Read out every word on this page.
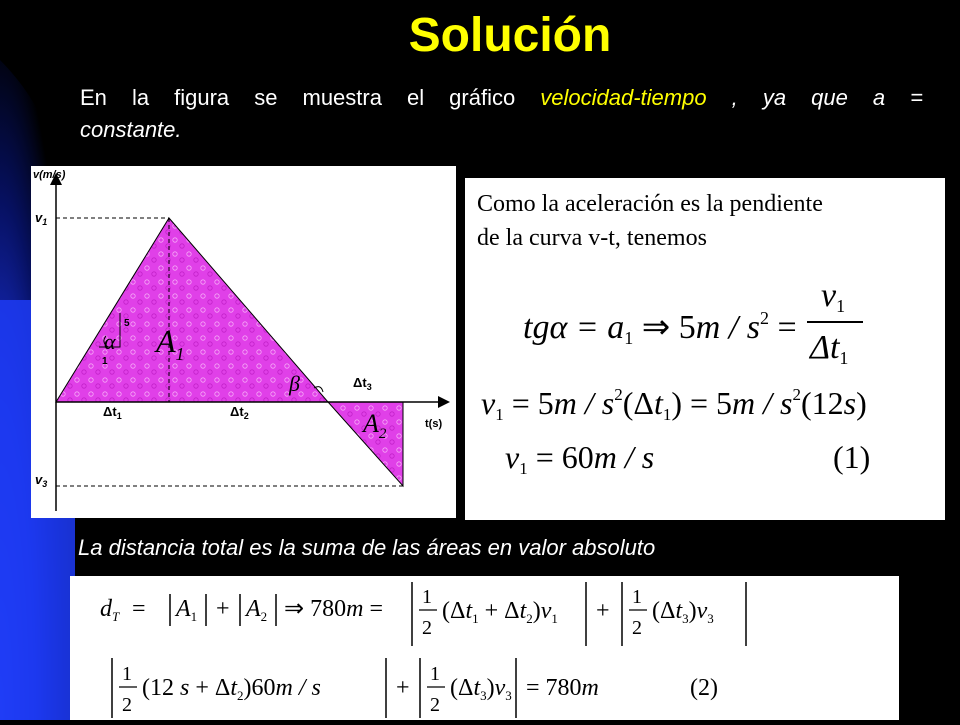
Solución
En la figura se muestra el gráfico velocidad-tiempo , ya que a =
constante.
v(m/s)
t(s)
$v_1$
$v_3$
$\Delta t_1$	$\Delta t_2$
$\Delta t_3$
$A_1$
$A_2$
α
β
5
1
Como la aceleración es la pendiente
de la curva v-t, tenemos
tgα = a1 ⇒ $5m / s^2$ =
v1
Δt1
$v1 = 5m / s^2(\Delta t1) = 5m / s^2(12s)$
v1 = 60m / s	(1)
La distancia total es la suma de las áreas en valor absoluto
$d_T = A_1 + A_2$ ⇒ 780m = 1
2
$(\Delta t_1 + \Delta t_2)v_1$ +
1
2
$(\Delta t_3)v_3$
1
2
(12 $s + \Delta t_2)60m / s$	+
1
2
$(\Delta t_3)v_3 = 780m$	(2)
